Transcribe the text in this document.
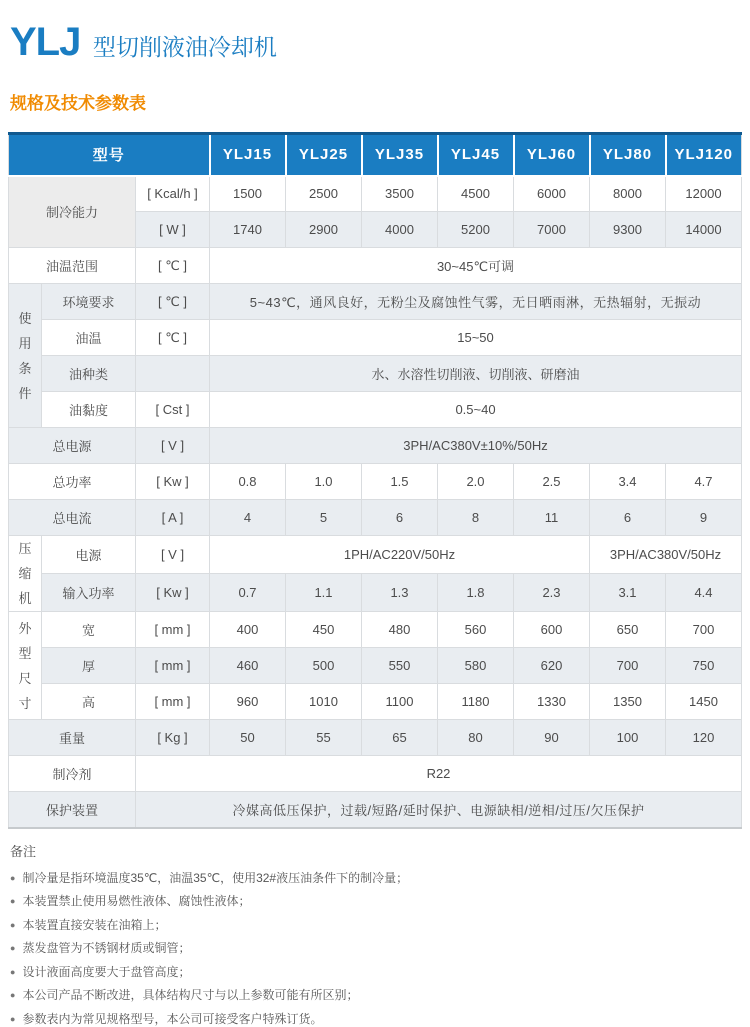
YLJ 型切削液油冷却机
规格及技术参数表
型号			YLJ15	YLJ25	YLJ35	YLJ45	YLJ60	YLJ80	YLJ120
制冷能力		[ Kcal/h ]	1500	2500	3500	4500	6000	8000	12000
		[ W ]	1740	2900	4000	5200	7000	9300	14000
油温范围		[ ℃ ]	30~45℃可调						
使用条件	环境要求	[ ℃ ]	5~43℃，通风良好，无粉尘及腐蚀性气雾，无日晒雨淋，无热辐射，无振动						
	油温	[ ℃ ]	15~50						
	油种类		水、水溶性切削液、切削液、研磨油						
	油黏度	[ Cst ]	0.5~40						
总电源		[ V ]	3PH/AC380V±10%/50Hz						
总功率		[ Kw ]	0.8	1.0	1.5	2.0	2.5	3.4	4.7
总电流		[ A ]	4	5	6	8	11	6	9
压缩机	电源	[ V ]	1PH/AC220V/50Hz					3PH/AC380V/50Hz	
	输入功率	[ Kw ]	0.7	1.1	1.3	1.8	2.3	3.1	4.4
外型尺寸	宽	[ mm ]	400	450	480	560	600	650	700
	厚	[ mm ]	460	500	550	580	620	700	750
	高	[ mm ]	960	1010	1100	1180	1330	1350	1450
重量		[ Kg ]	50	55	65	80	90	100	120
制冷剂		R22							
保护装置		冷媒高低压保护，过载/短路/延时保护、电源缺相/逆相/过压/欠压保护							
备注
● 制冷量是指环境温度35℃，油温35℃，使用32#液压油条件下的制冷量；
● 本装置禁止使用易燃性液体、腐蚀性液体；
● 本装置直接安装在油箱上；
● 蒸发盘管为不锈钢材质或铜管；
● 设计液面高度要大于盘管高度；
● 本公司产品不断改进，具体结构尺寸与以上参数可能有所区别；
● 参数表内为常见规格型号，本公司可接受客户特殊订货。
